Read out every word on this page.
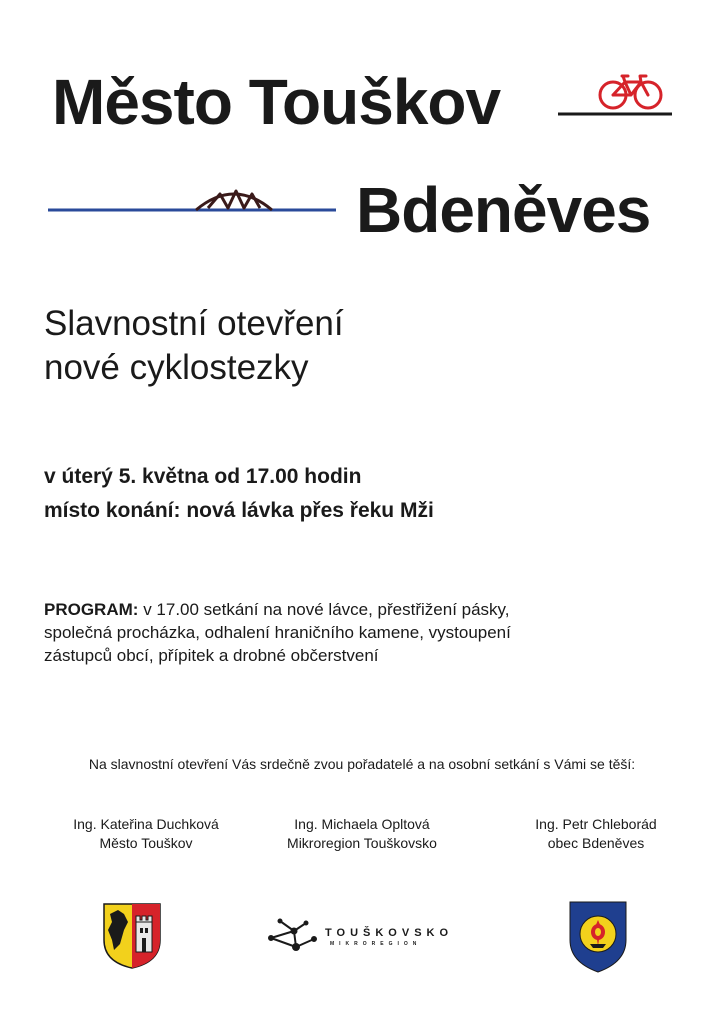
Město Touškov
Bdeněves
Slavnostní otevření
nové cyklostezky
v úterý 5. května od 17.00 hodin
místo konání: nová lávka přes řeku Mži
PROGRAM: v 17.00 setkání na nové lávce, přestřižení pásky, společná procházka, odhalení hraničního kamene, vystoupení zástupců obcí, přípitek a drobné občerstvení
Na slavnostní otevření Vás srdečně zvou pořadatelé a na osobní setkání s Vámi se těší:
Ing. Kateřina Duchková
Město Touškov
Ing. Michaela Opltová
Mikroregion Touškovsko
Ing. Petr Chleborád
obec Bdeněves
TOUŠKOVSKO
MIKROREGION
